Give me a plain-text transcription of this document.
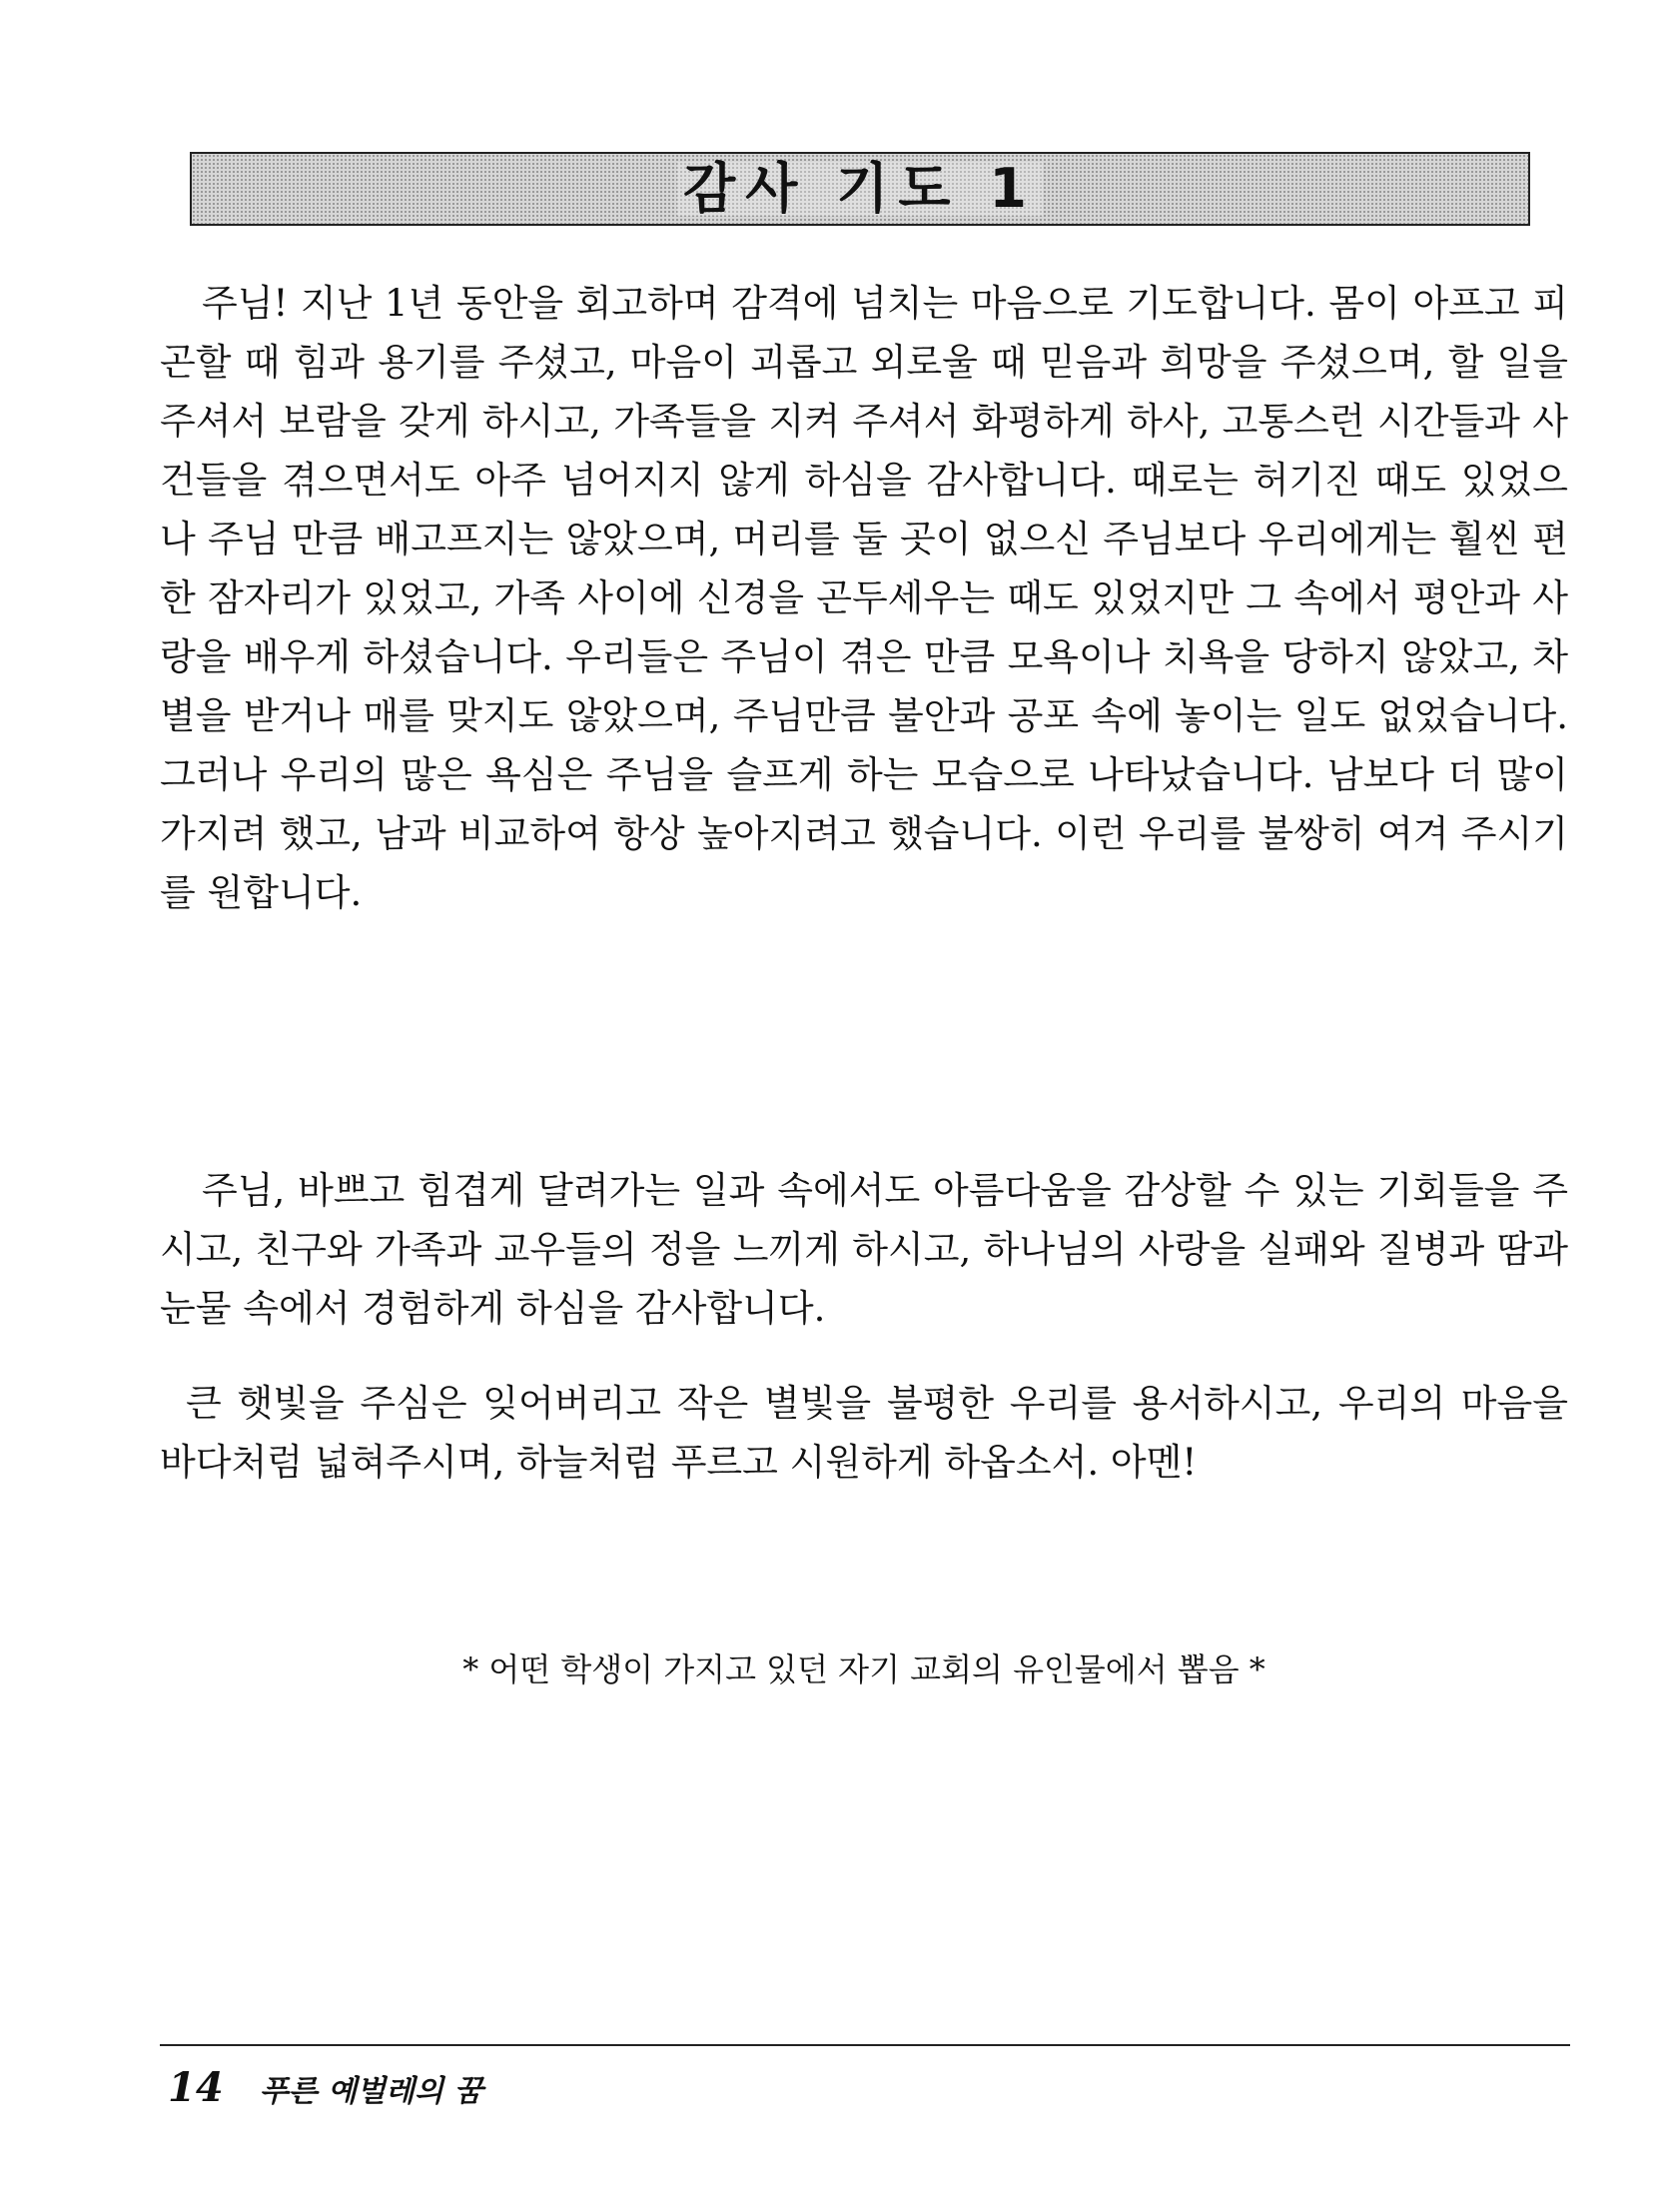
감사 기도 1

주님! 지난 1년 동안을 회고하며 감격에 넘치는 마음으로 기도합니다. 몸이 아프고 피곤할 때 힘과 용기를 주셨고, 마음이 괴롭고 외로울 때 믿음과 희망을 주셨으며, 할 일을 주셔서 보람을 갖게 하시고, 가족들을 지켜 주셔서 화평하게 하사, 고통스런 시간들과 사건들을 겪으면서도 아주 넘어지지 않게 하심을 감사합니다. 때로는 허기진 때도 있었으나 주님 만큼 배고프지는 않았으며, 머리를 둘 곳이 없으신 주님보다 우리에게는 훨씬 편한 잠자리가 있었고, 가족 사이에 신경을 곤두세우는 때도 있었지만 그 속에서 평안과 사랑을 배우게 하셨습니다. 우리들은 주님이 겪은 만큼 모욕이나 치욕을 당하지 않았고, 차별을 받거나 매를 맞지도 않았으며, 주님만큼 불안과 공포 속에 놓이는 일도 없었습니다. 그러나 우리의 많은 욕심은 주님을 슬프게 하는 모습으로 나타났습니다. 남보다 더 많이 가지려 했고, 남과 비교하여 항상 높아지려고 했습니다. 이런 우리를 불쌍히 여겨 주시기를 원합니다.

주님, 바쁘고 힘겹게 달려가는 일과 속에서도 아름다움을 감상할 수 있는 기회들을 주시고, 친구와 가족과 교우들의 정을 느끼게 하시고, 하나님의 사랑을 실패와 질병과 땀과 눈물 속에서 경험하게 하심을 감사합니다.

큰 햇빛을 주심은 잊어버리고 작은 별빛을 불평한 우리를 용서하시고, 우리의 마음을 바다처럼 넓혀주시며, 하늘처럼 푸르고 시원하게 하옵소서. 아멘!

* 어떤 학생이 가지고 있던 자기 교회의 유인물에서 뽑음 *
14 푸른 예벌레의 꿈
